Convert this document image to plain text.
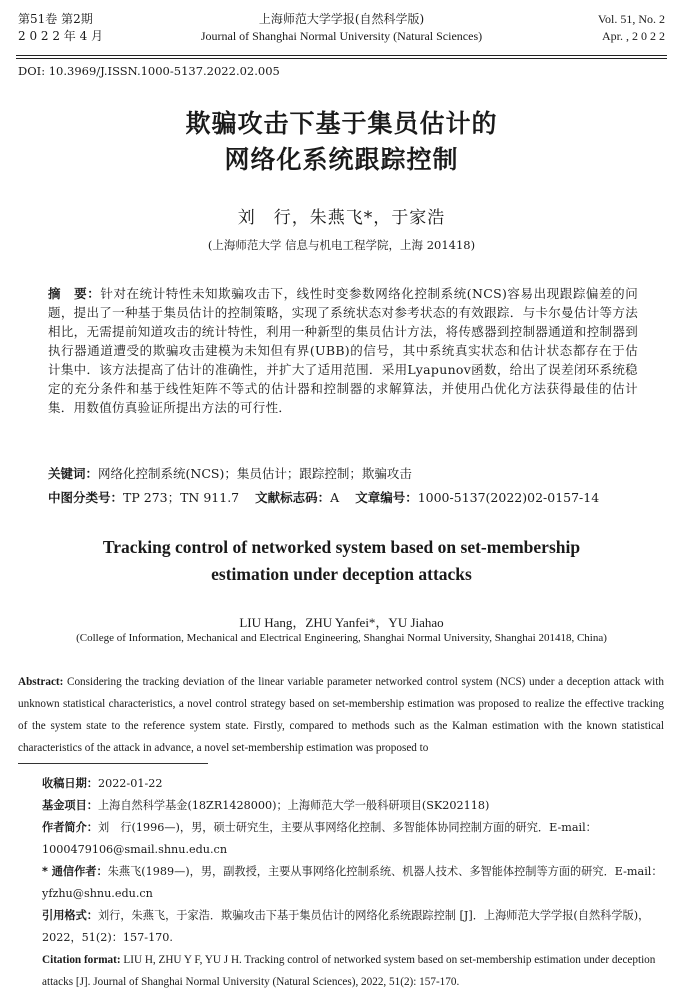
第51卷 第2期
2 0 2 2 年 4 月
上海师范大学学报(自然科学版)
Journal of Shanghai Normal University (Natural Sciences)
Vol. 51, No. 2
Apr. , 2 0 2 2
DOI: 10.3969/J.ISSN.1000-5137.2022.02.005
欺骗攻击下基于集员估计的
网络化系统跟踪控制
刘　行，朱燕飞*，于家浩
(上海师范大学 信息与机电工程学院，上海 201418)
摘　要：针对在统计特性未知欺骗攻击下，线性时变参数网络化控制系统(NCS)容易出现跟踪偏差的问题，提出了一种基于集员估计的控制策略，实现了系统状态对参考状态的有效跟踪．与卡尔曼估计等方法相比，无需提前知道攻击的统计特性，利用一种新型的集员估计方法，将传感器到控制器通道和控制器到执行器通道遭受的欺骗攻击建模为未知但有界(UBB)的信号，其中系统真实状态和估计状态都存在于估计集中．该方法提高了估计的准确性，并扩大了适用范围．采用Lyapunov函数，给出了误差闭环系统稳定的充分条件和基于线性矩阵不等式的估计器和控制器的求解算法，并使用凸优化方法获得最佳的估计集．用数值仿真验证所提出方法的可行性．
关键词：网络化控制系统(NCS)；集员估计；跟踪控制；欺骗攻击
中图分类号：TP 273；TN 911.7 文献标志码：A 文章编号：1000-5137(2022)02-0157-14
Tracking control of networked system based on set-membership
estimation under deception attacks
LIU Hang，ZHU Yanfei*，YU Jiahao
(College of Information, Mechanical and Electrical Engineering, Shanghai Normal University, Shanghai 201418, China)
Abstract: Considering the tracking deviation of the linear variable parameter networked control system (NCS) under a deception attack with unknown statistical characteristics, a novel control strategy based on set-membership estimation was proposed to realize the effective tracking of the system state to the reference system state. Firstly, compared to methods such as the Kalman estimation with the known statistical characteristics of the attack in advance, a novel set-membership estimation was proposed to

收稿日期：2022-01-22

基金项目：上海自然科学基金(18ZR1428000)；上海师范大学一般科研项目(SK202118)

作者简介：刘　行(1996—)，男，硕士研究生，主要从事网络化控制、多智能体协同控制方面的研究．E-mail：1000479106@smail.shnu.edu.cn

* 通信作者：朱燕飞(1989—)，男，副教授，主要从事网络化控制系统、机器人技术、多智能体控制等方面的研究．E-mail：yfzhu@shnu.edu.cn

引用格式：刘行，朱燕飞，于家浩．欺骗攻击下基于集员估计的网络化系统跟踪控制 [J]．上海师范大学学报(自然科学版)，2022，51(2)：157-170.

Citation format: LIU H, ZHU Y F, YU J H. Tracking control of networked system based on set-membership estimation under deception attacks [J]. Journal of Shanghai Normal University (Natural Sciences), 2022, 51(2): 157-170.
